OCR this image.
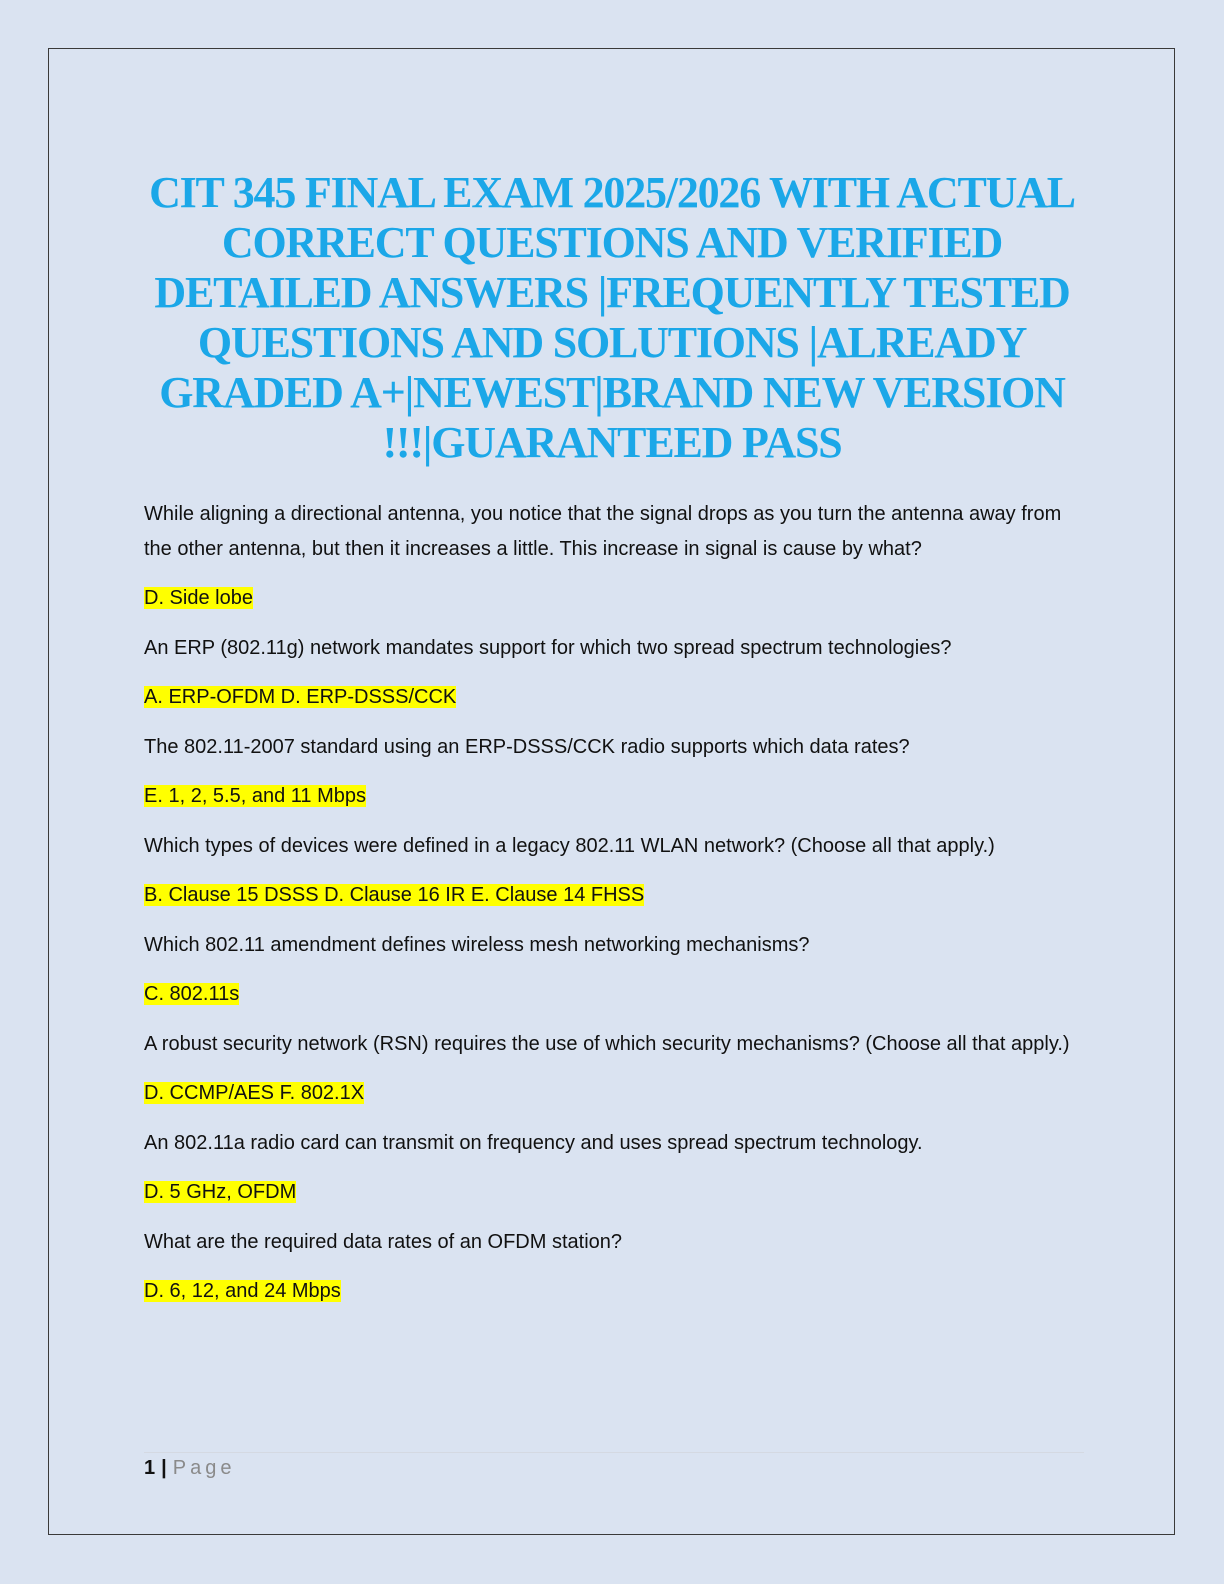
CIT 345 FINAL EXAM 2025/2026 WITH ACTUAL CORRECT QUESTIONS AND VERIFIED DETAILED ANSWERS |FREQUENTLY TESTED QUESTIONS AND SOLUTIONS |ALREADY GRADED A+|NEWEST|BRAND NEW VERSION !!!|GUARANTEED PASS

While aligning a directional antenna, you notice that the signal drops as you turn the antenna away from the other antenna, but then it increases a little. This increase in signal is cause by what?

D. Side lobe

An ERP (802.11g) network mandates support for which two spread spectrum technologies?

A. ERP-OFDM D. ERP-DSSS/CCK

The 802.11-2007 standard using an ERP-DSSS/CCK radio supports which data rates?

E. 1, 2, 5.5, and 11 Mbps

Which types of devices were defined in a legacy 802.11 WLAN network? (Choose all that apply.)

B. Clause 15 DSSS D. Clause 16 IR E. Clause 14 FHSS

Which 802.11 amendment defines wireless mesh networking mechanisms?

C. 802.11s

A robust security network (RSN) requires the use of which security mechanisms? (Choose all that apply.)

D. CCMP/AES F. 802.1X

An 802.11a radio card can transmit on frequency and uses spread spectrum technology.

D. 5 GHz, OFDM

What are the required data rates of an OFDM station?

D. 6, 12, and 24 Mbps

1 | Page
